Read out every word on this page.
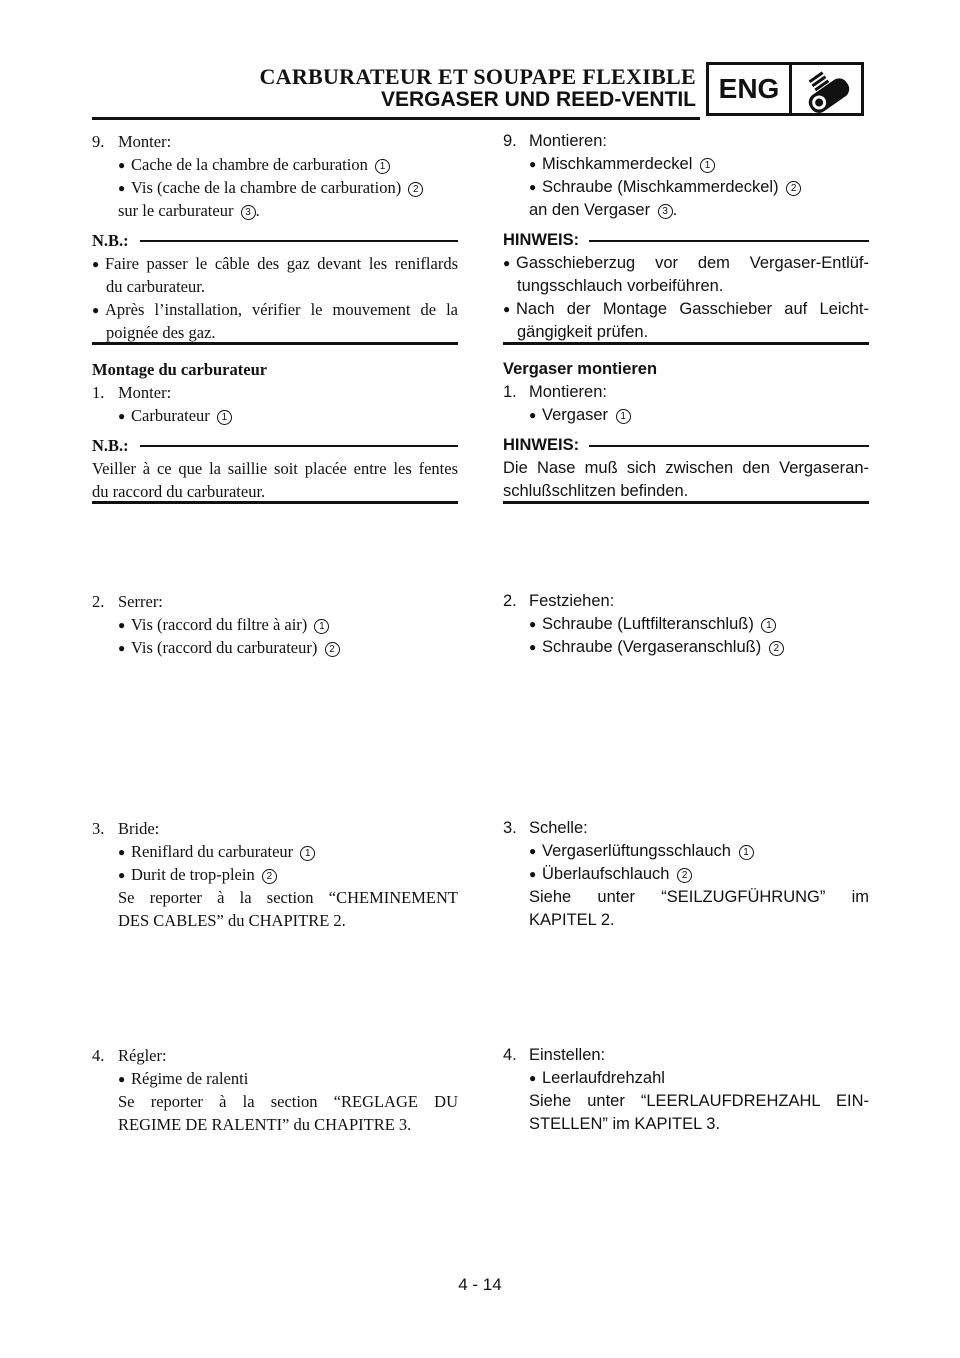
CARBURATEUR ET SOUPAPE FLEXIBLE
VERGASER UND REED-VENTIL ENG
9. Monter:
● Cache de la chambre de carburation 1
● Vis (cache de la chambre de carburation) 2
sur le carburateur 3 .
N.B.:
● Faire passer le câble des gaz devant les reniflards
du carburateur.
● Après l’installation, vérifier le mouvement de la
poignée des gaz.
Montage du carburateur
1. Monter:
● Carburateur 1
N.B.:
Veiller à ce que la saillie soit placée entre les fentes
du raccord du carburateur.
2. Serrer:
● Vis (raccord du filtre à air) 1
● Vis (raccord du carburateur) 2
3. Bride:
● Reniflard du carburateur 1
● Durit de trop-plein 2
Se reporter à la section “CHEMINEMENT
DES CABLES” du CHAPITRE 2.
4. Régler:
● Régime de ralenti
Se reporter à la section “REGLAGE DU
REGIME DE RALENTI” du CHAPITRE 3.
9. Montieren:
● Mischkammerdeckel 1
● Schraube (Mischkammerdeckel) 2
an den Vergaser 3 .
HINWEIS:
● Gasschieberzug vor dem Vergaser-Entlüf-
tungsschlauch vorbeiführen.
● Nach der Montage Gasschieber auf Leicht-
gängigkeit prüfen.
Vergaser montieren
1. Montieren:
● Vergaser 1
HINWEIS:
Die Nase muß sich zwischen den Vergaseran-
schlußschlitzen befinden.
2. Festziehen:
● Schraube (Luftfilteranschluß) 1
● Schraube (Vergaseranschluß) 2
3. Schelle:
● Vergaserlüftungsschlauch 1
● Überlaufschlauch 2
Siehe unter “SEILZUGFÜHRUNG” im
KAPITEL 2.
4. Einstellen:
● Leerlaufdrehzahl
Siehe unter “LEERLAUFDREHZAHL EIN-
STELLEN” im KAPITEL 3.
4 - 14
